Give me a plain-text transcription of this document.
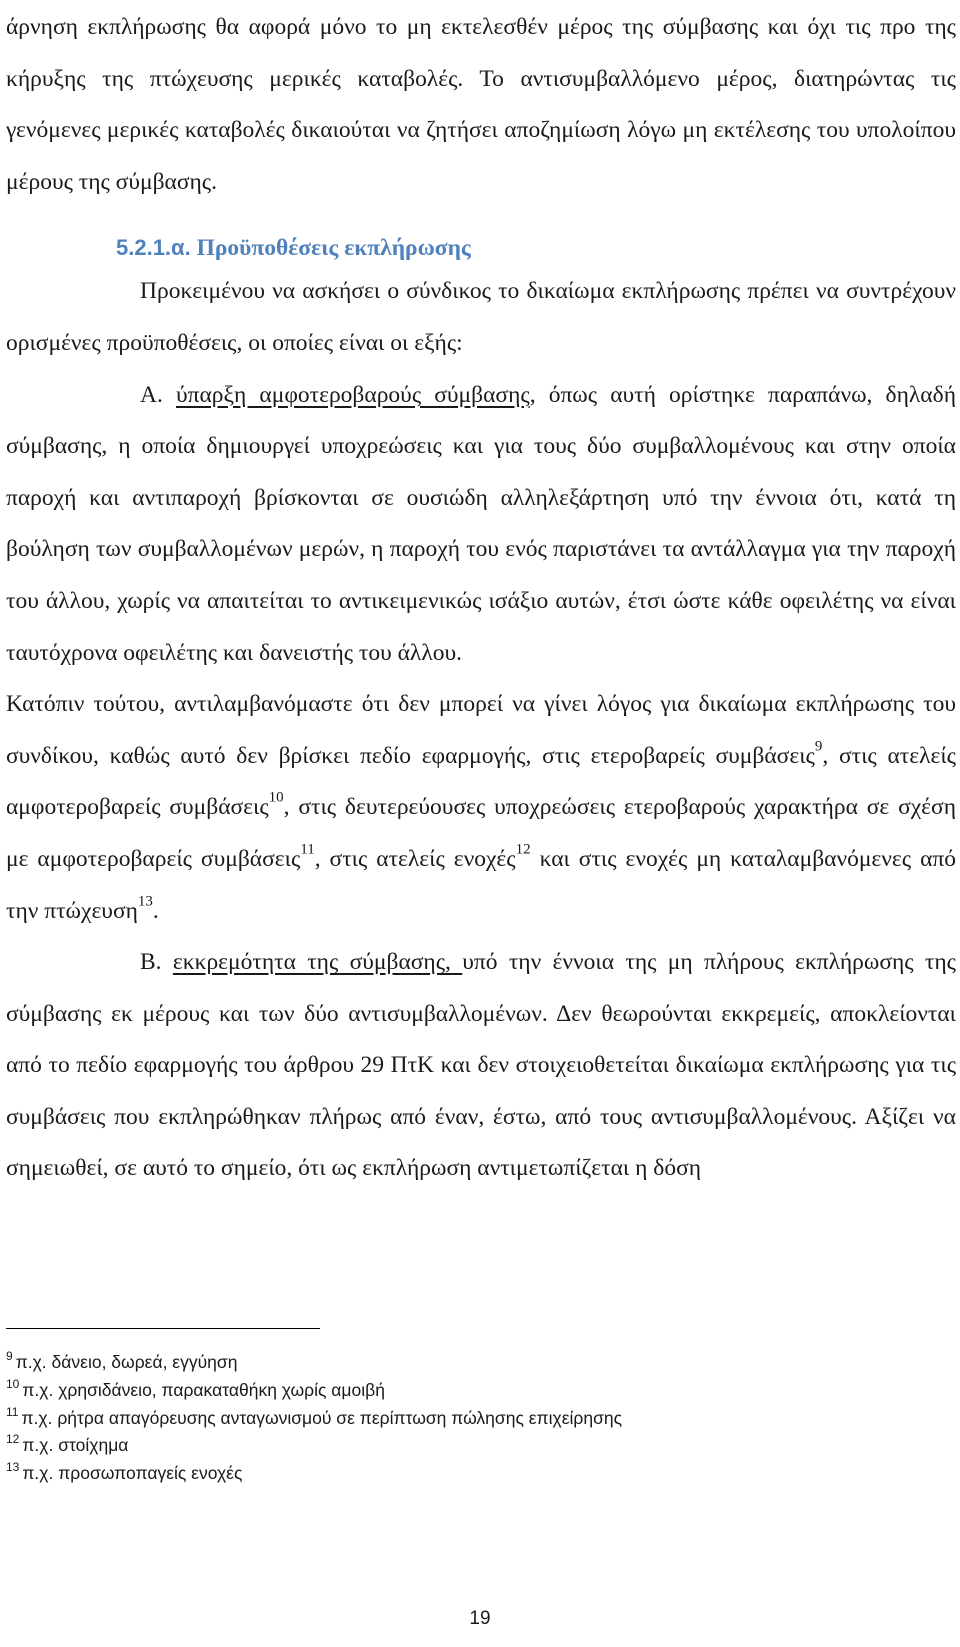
άρνηση εκπλήρωσης θα αφορά μόνο το μη εκτελεσθέν μέρος της σύμβασης και όχι τις προ της κήρυξης της πτώχευσης μερικές καταβολές. Το αντισυμβαλλόμενο μέρος, διατηρώντας τις γενόμενες μερικές καταβολές δικαιούται να ζητήσει αποζημίωση λόγω μη εκτέλεσης του υπολοίπου μέρους της σύμβασης.

5.2.1.α. Προϋποθέσεις εκπλήρωσης

Προκειμένου να ασκήσει ο σύνδικος το δικαίωμα εκπλήρωσης πρέπει να συντρέχουν ορισμένες προϋποθέσεις, οι οποίες είναι οι εξής:

Α. ύπαρξη αμφοτεροβαρούς σύμβασης, όπως αυτή ορίστηκε παραπάνω, δηλαδή σύμβασης, η οποία δημιουργεί υποχρεώσεις και για τους δύο συμβαλλομένους και στην οποία παροχή και αντιπαροχή βρίσκονται σε ουσιώδη αλληλεξάρτηση υπό την έννοια ότι, κατά τη βούληση των συμβαλλομένων μερών, η παροχή του ενός παριστάνει τα αντάλλαγμα για την παροχή του άλλου, χωρίς να απαιτείται το αντικειμενικώς ισάξιο αυτών, έτσι ώστε κάθε οφειλέτης να είναι ταυτόχρονα οφειλέτης και δανειστής του άλλου.

Κατόπιν τούτου, αντιλαμβανόμαστε ότι δεν μπορεί να γίνει λόγος για δικαίωμα εκπλήρωσης του συνδίκου, καθώς αυτό δεν βρίσκει πεδίο εφαρμογής, στις ετεροβαρείς συμβάσεις$^9$, στις ατελείς αμφοτεροβαρείς συμβάσεις$^{10}$, στις δευτερεύουσες υποχρεώσεις ετεροβαρούς χαρακτήρα σε σχέση με αμφοτεροβαρείς συμβάσεις$^{11}$, στις ατελείς ενοχές$^{12}$ και στις ενοχές μη καταλαμβανόμενες από την πτώχευση$^{13}$.

Β. εκκρεμότητα της σύμβασης, υπό την έννοια της μη πλήρους εκπλήρωσης της σύμβασης εκ μέρους και των δύο αντισυμβαλλομένων. Δεν θεωρούνται εκκρεμείς, αποκλείονται από το πεδίο εφαρμογής του άρθρου 29 ΠτΚ και δεν στοιχειοθετείται δικαίωμα εκπλήρωσης για τις συμβάσεις που εκπληρώθηκαν πλήρως από έναν, έστω, από τους αντισυμβαλλομένους. Αξίζει να σημειωθεί, σε αυτό το σημείο, ότι ως εκπλήρωση αντιμετωπίζεται η δόση

$^9$ π.χ. δάνειο, δωρεά, εγγύηση
$^{10}$ π.χ. χρησιδάνειο, παρακαταθήκη χωρίς αμοιβή
$^{11}$ π.χ. ρήτρα απαγόρευσης ανταγωνισμού σε περίπτωση πώλησης επιχείρησης
$^{12}$ π.χ. στοίχημα
$^{13}$ π.χ. προσωποπαγείς ενοχές
19
